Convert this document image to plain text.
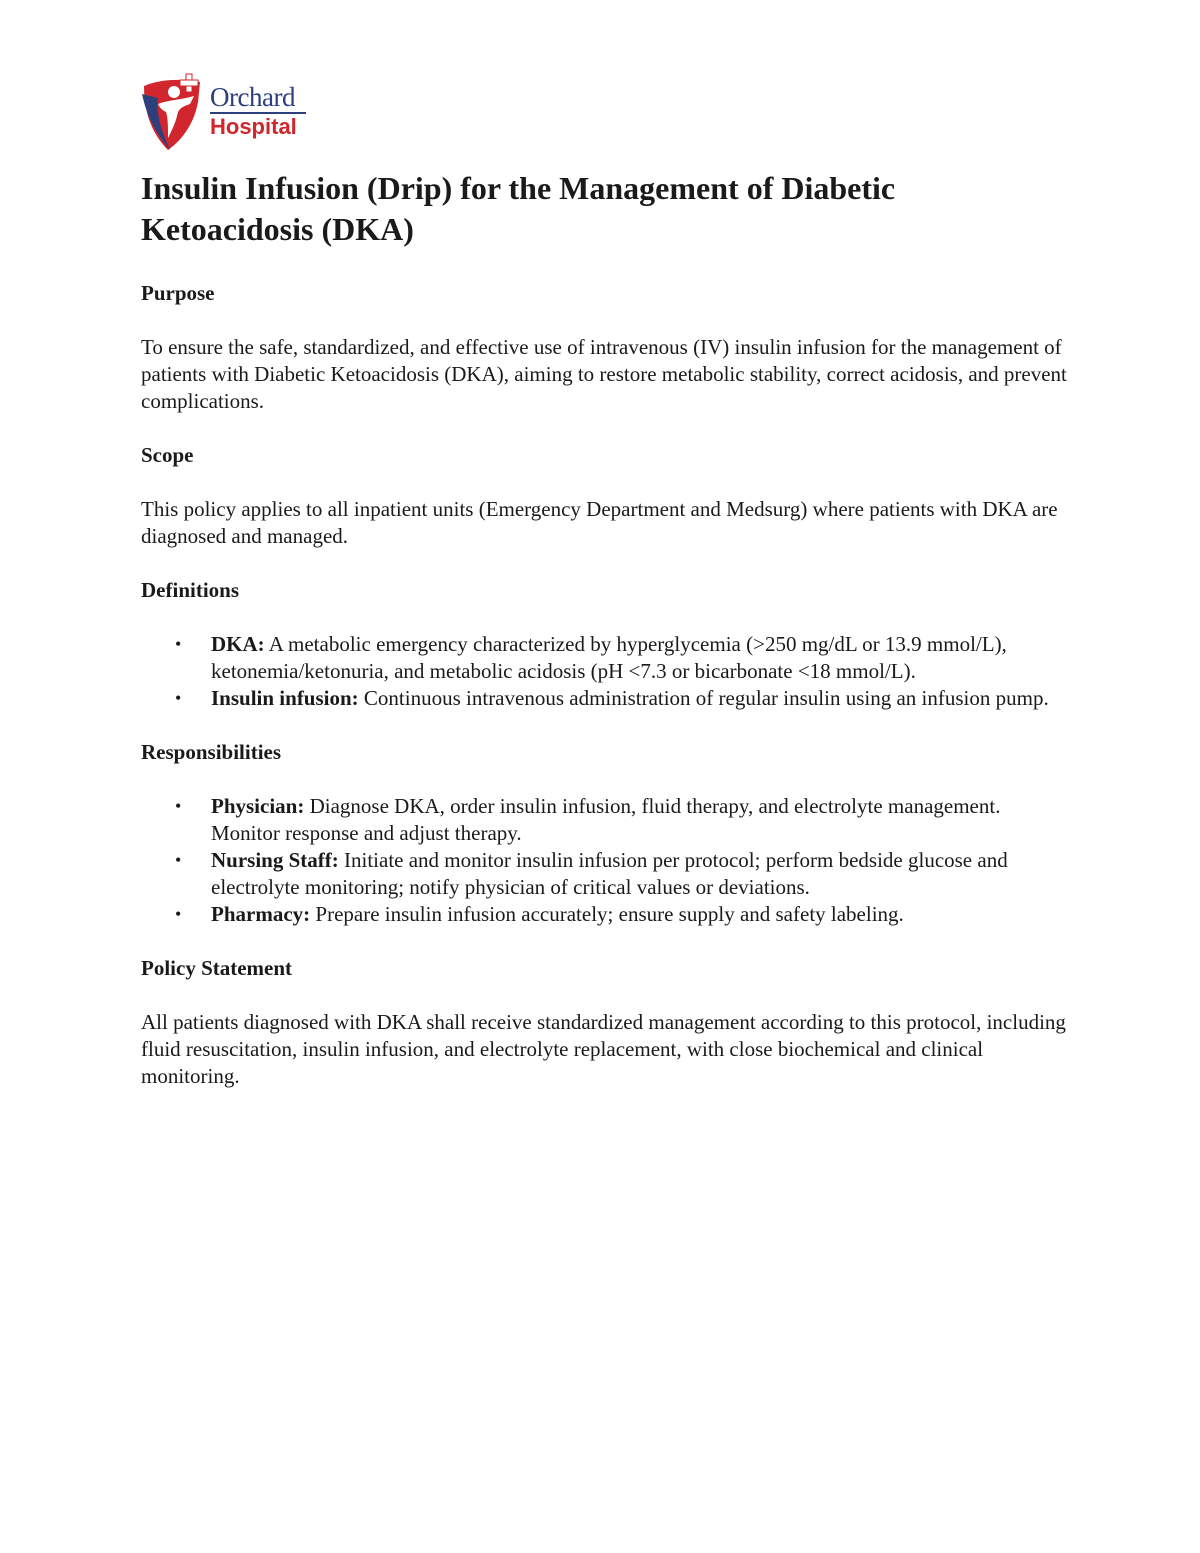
Orchard
Hospital
Insulin Infusion (Drip) for the Management of Diabetic Ketoacidosis (DKA)
Purpose

To ensure the safe, standardized, and effective use of intravenous (IV) insulin infusion for the management of patients with Diabetic Ketoacidosis (DKA), aiming to restore metabolic stability, correct acidosis, and prevent complications.

Scope

This policy applies to all inpatient units (Emergency Department and Medsurg) where patients with DKA are diagnosed and managed.

Definitions
• DKA: A metabolic emergency characterized by hyperglycemia (>250 mg/dL or 13.9 mmol/L), ketonemia/ketonuria, and metabolic acidosis (pH <7.3 or bicarbonate <18 mmol/L).
• Insulin infusion: Continuous intravenous administration of regular insulin using an infusion pump.
Responsibilities
• Physician: Diagnose DKA, order insulin infusion, fluid therapy, and electrolyte management. Monitor response and adjust therapy.
• Nursing Staff: Initiate and monitor insulin infusion per protocol; perform bedside glucose and electrolyte monitoring; notify physician of critical values or deviations.
• Pharmacy: Prepare insulin infusion accurately; ensure supply and safety labeling.
Policy Statement

All patients diagnosed with DKA shall receive standardized management according to this protocol, including fluid resuscitation, insulin infusion, and electrolyte replacement, with close biochemical and clinical monitoring.
